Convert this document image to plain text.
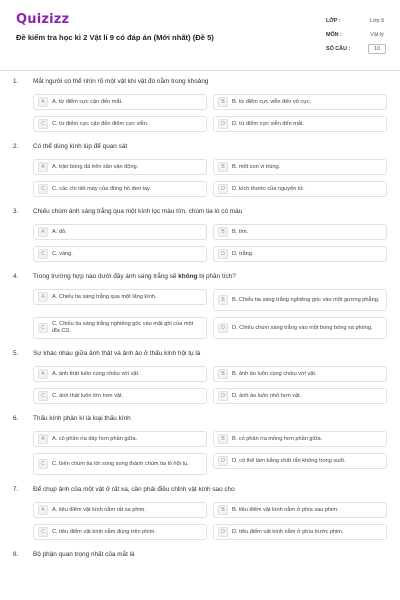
Quizizz
Đề kiểm tra học kì 2 Vật lí 9 có đáp án (Mới nhất) (Đề 5)
LỚP :	Lớp 9
MÔN :	Vật lý
SỐ CÂU :	10
1.	Mắt người có thể nhìn rõ một vật khi vật đó nằm trong khoảng
A	A. từ điểm cực cận đến mắt.	B	B. từ điểm cực viễn đến vô cực.
C	C. từ điểm cực cận đến điểm cực viễn.	D	D. từ điểm cực viễn đến mắt.
2.	Có thể dùng kính lúp để quan sát
A	A. trận bóng đá trên sân vận động.	B	B. một con vi trùng.
C	C. các chi tiết máy của đồng hồ đeo tay.	D	D. kích thước của nguyên tử.
3.	Chiếu chùm ánh sáng trắng qua một kính lọc màu tím, chùm tia ló có màu
A	A. đỏ.	B	B. tím.
C	C. vàng.	D	D. trắng.
4.	Trong trường hợp nào dưới đây ánh sáng trắng sẽ không bị phân tích?
A	A. Chiếu tia sáng trắng qua một lăng kính.
B	B. Chiếu tia sáng trắng nghiêng góc vào một gương phẳng.
C
C. Chiếu tia sáng trắng nghiêng góc vào mặt ghi của một đĩa CD.	D	D. Chiếu chùm sáng trắng vào một bong bóng xà phòng.
5.	Sự khác nhau giữa ảnh thật và ảnh ảo ở thấu kính hội tụ là
A	A. ảnh thật luôn cùng chiều với vật.	B	B. ảnh ảo luôn cùng chiều với vật.
C	C. ảnh thật luôn lớn hơn vật.	D	D. ảnh ảo luôn nhỏ hơn vật.
6.	Thấu kính phân kì là loại thấu kính
A	A. có phần rìa dày hơn phần giữa.	B	B. có phần rìa mỏng hơn phần giữa.
C	C. biến chùm tia tới song song thành chùm tia ló hội tụ.	D	D. có thể làm bằng chất rắn không trong suốt.
7.	Để chụp ảnh của một vật ở rất xa, cần phải điều chỉnh vật kính sao cho
A	A. tiêu điểm vật kính nằm rất xa phim.	B	B. tiêu điểm vật kính nằm ở phía sau phim.
C	C. tiêu điểm vật kính nằm đúng trên phim.	D	D. tiêu điểm vật kính nằm ở phía trước phim.
8.	Bộ phận quan trọng nhất của mắt là
